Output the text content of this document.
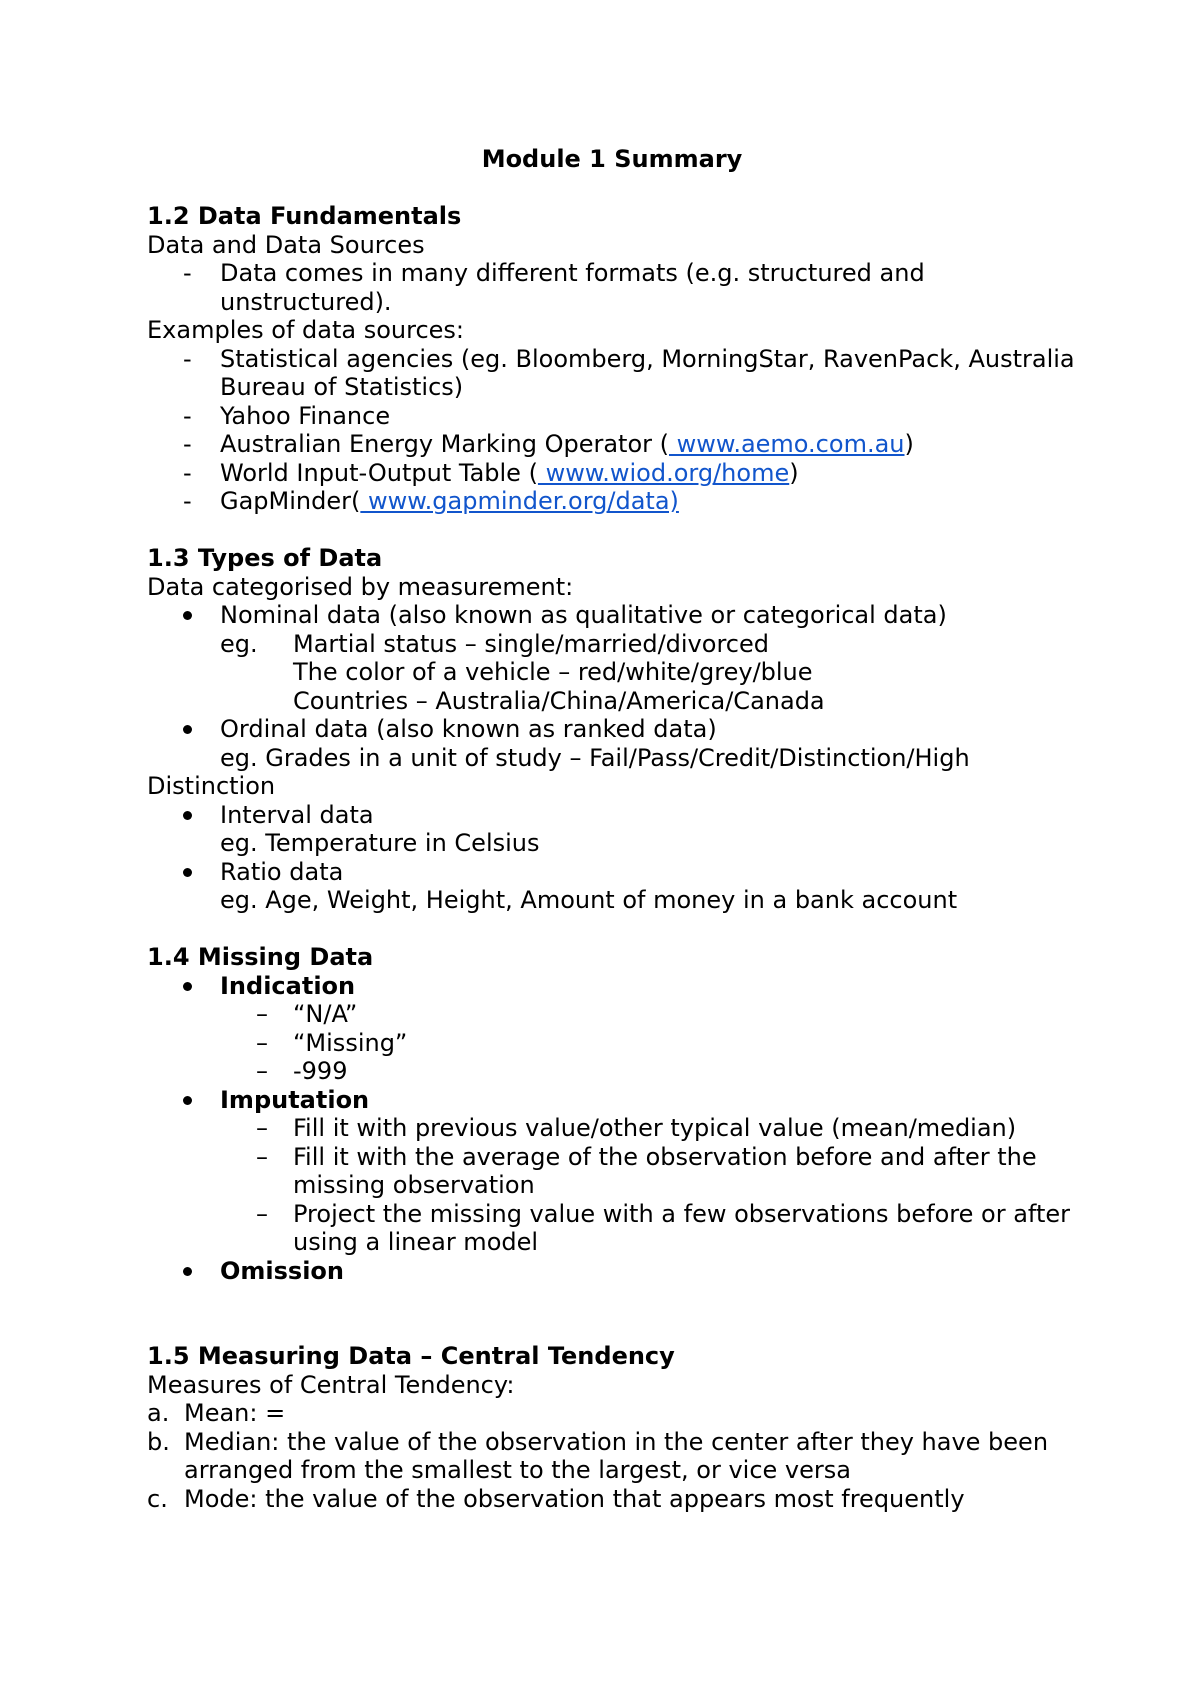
Module 1 Summary

1.2 Data Fundamentals

Data and Data Sources

- Data comes in many different formats (e.g. structured and unstructured).

Examples of data sources:

- Statistical agencies (eg. Bloomberg, MorningStar, RavenPack, Australia Bureau of Statistics)
- Yahoo Finance
- Australian Energy Marking Operator ( www.aemo.com.au)
- World Input-Output Table ( www.wiod.org/home)
- GapMinder( www.gapminder.org/data)

1.3 Types of Data

Data categorised by measurement:

Nominal data (also known as qualitative or categorical data)
eg. Martial status – single/married/divorced

The color of a vehicle – red/white/grey/blue

Countries – Australia/China/America/Canada

Ordinal data (also known as ranked data)

eg. Grades in a unit of study – Fail/Pass/Credit/Distinction/High

Distinction

Interval data

eg. Temperature in Celsius

Ratio data

eg. Age, Weight, Height, Amount of money in a bank account

1.4 Missing Data

Indication
– “N/A”
– “Missing”
– -999
Imputation
– Fill it with previous value/other typical value (mean/median)
– Fill it with the average of the observation before and after the missing observation
– Project the missing value with a few observations before or after using a linear model
Omission

1.5 Measuring Data – Central Tendency

Measures of Central Tendency:

a. Mean: =
b. Median: the value of the observation in the center after they have been arranged from the smallest to the largest, or vice versa
c. Mode: the value of the observation that appears most frequently
